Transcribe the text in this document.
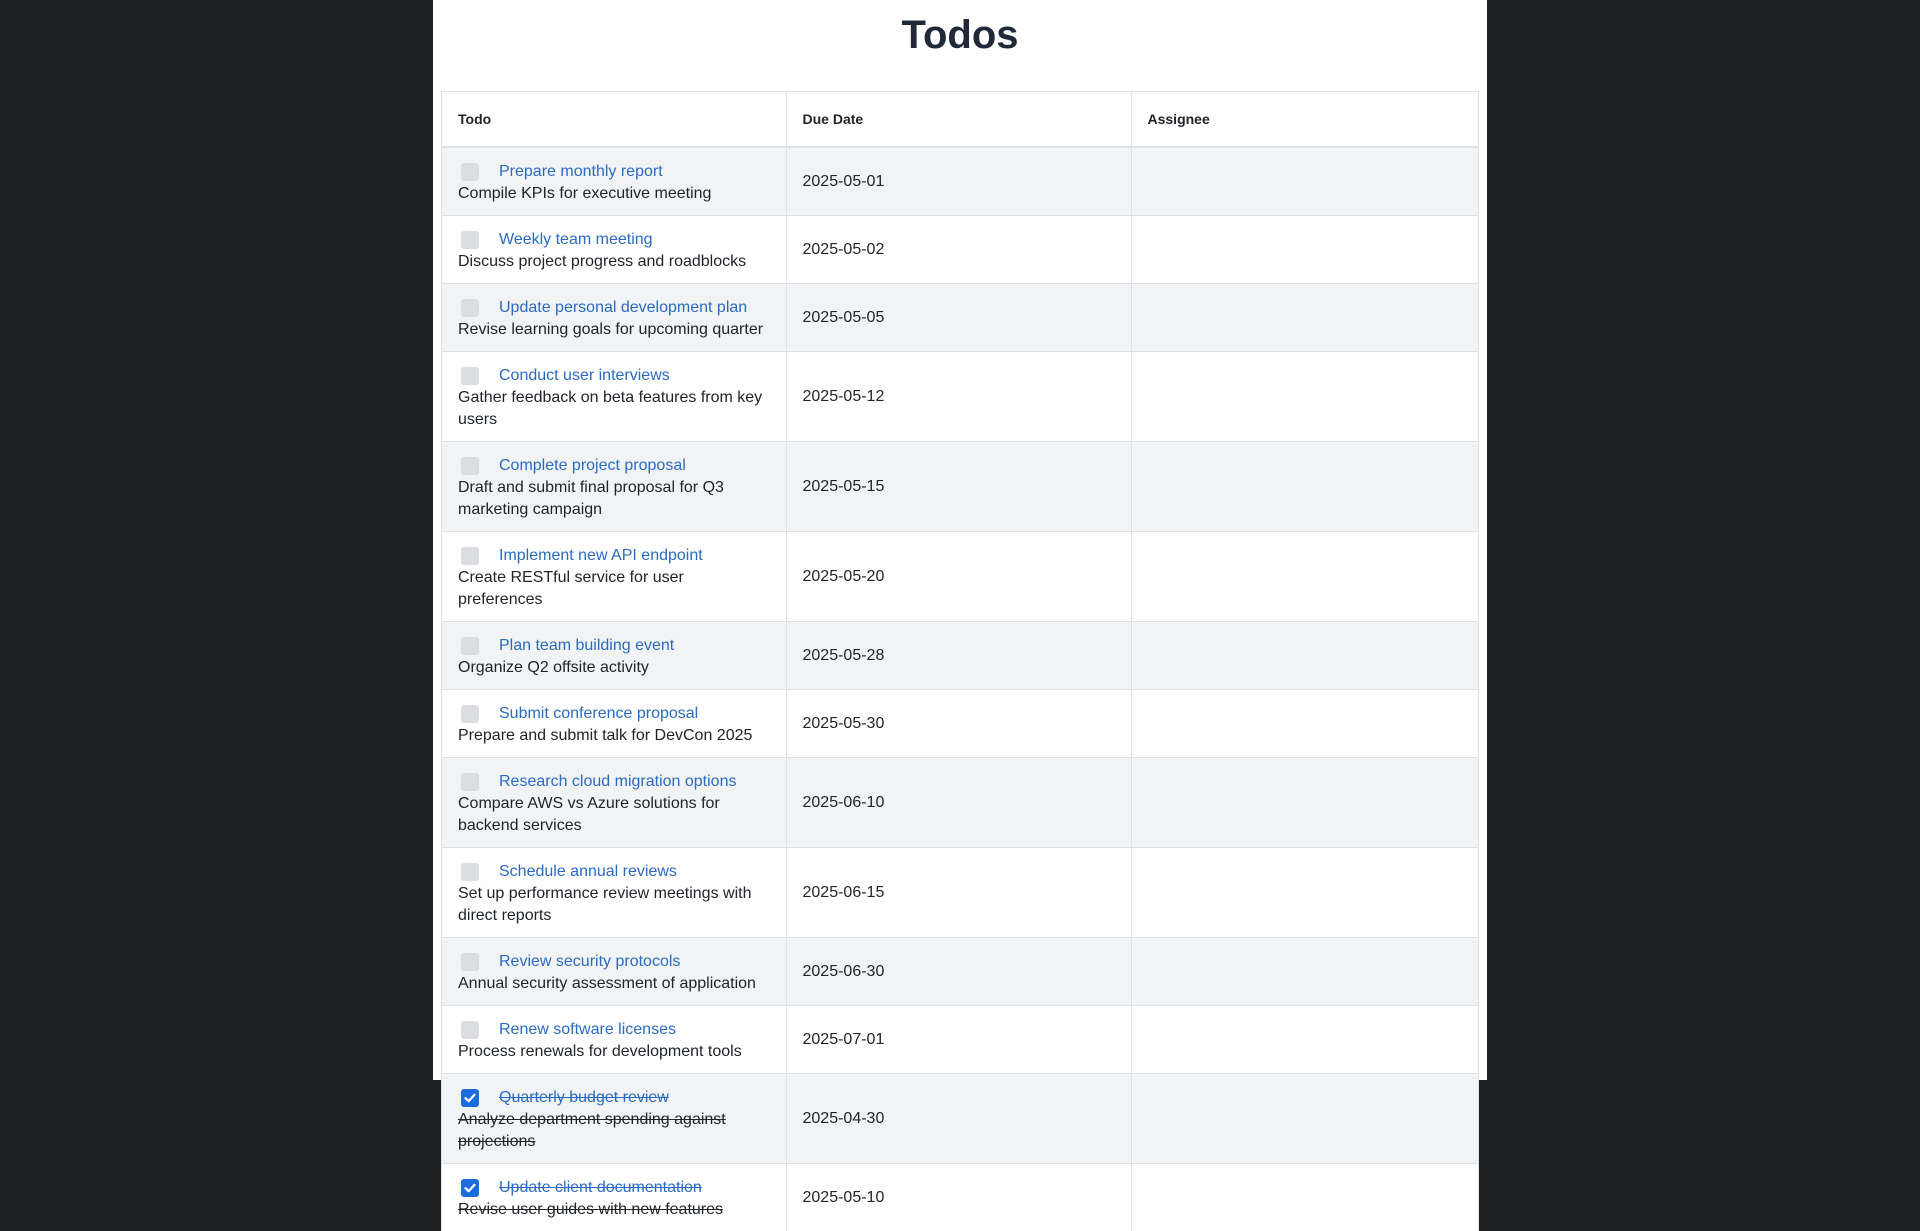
Todos
Todo	Due Date	Assignee

Prepare monthly report
Compile KPIs for executive meeting	2025-05-01	

Weekly team meeting
Discuss project progress and roadblocks	2025-05-02	

Update personal development plan
Revise learning goals for upcoming quarter	2025-05-05	

Conduct user interviews
Gather feedback on beta features from key users	2025-05-12	

Complete project proposal
Draft and submit final proposal for Q3 marketing campaign	2025-05-15	

Implement new API endpoint
Create RESTful service for user preferences	2025-05-20	

Plan team building event
Organize Q2 offsite activity	2025-05-28	

Submit conference proposal
Prepare and submit talk for DevCon 2025	2025-05-30	

Research cloud migration options
Compare AWS vs Azure solutions for backend services	2025-06-10	

Schedule annual reviews
Set up performance review meetings with direct reports	2025-06-15	

Review security protocols
Annual security assessment of application	2025-06-30	

Renew software licenses
Process renewals for development tools	2025-07-01	

Quarterly budget review
Analyze department spending against projections	2025-04-30	

Update client documentation
Revise user guides with new features	2025-05-10	
